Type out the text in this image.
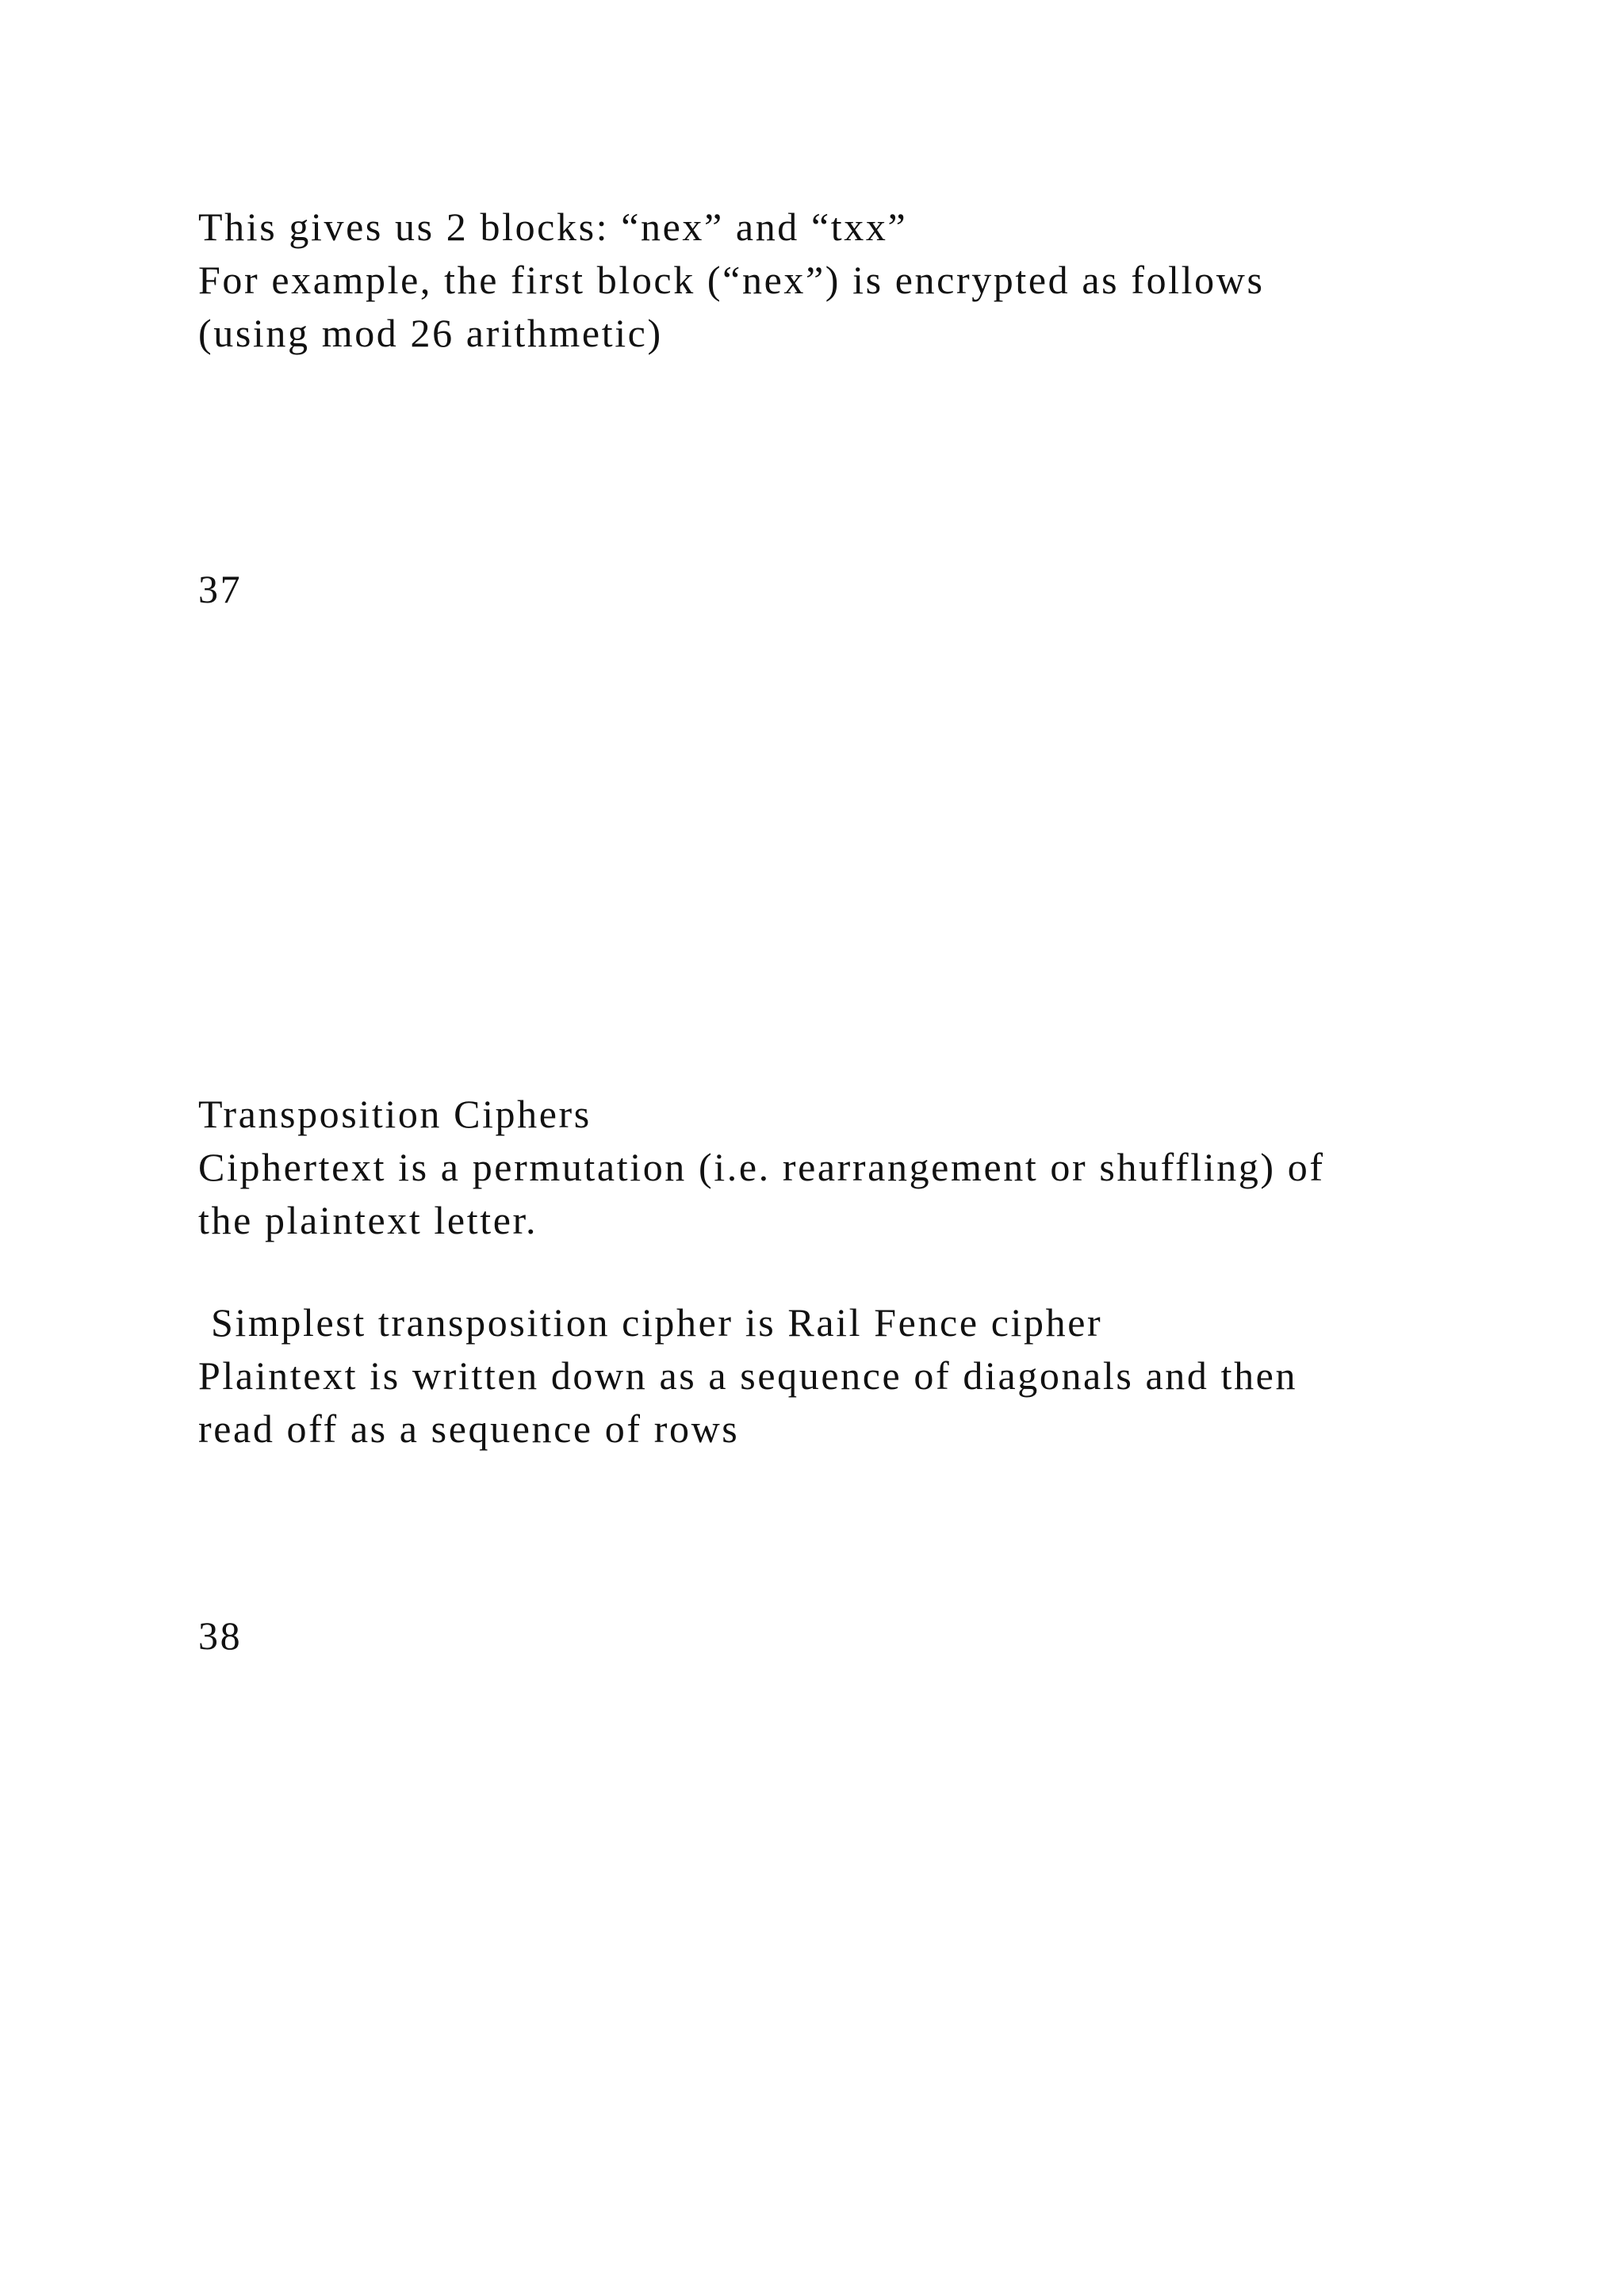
This gives us 2 blocks: “nex” and “txx”

For example, the first block (“nex”) is encrypted as follows

(using mod 26 arithmetic)

37

Transposition Ciphers

Ciphertext is a permutation (i.e. rearrangement or shuffling) of

the plaintext letter.

Simplest transposition cipher is Rail Fence cipher

Plaintext is written down as a sequence of diagonals and then

read off as a sequence of rows

38
